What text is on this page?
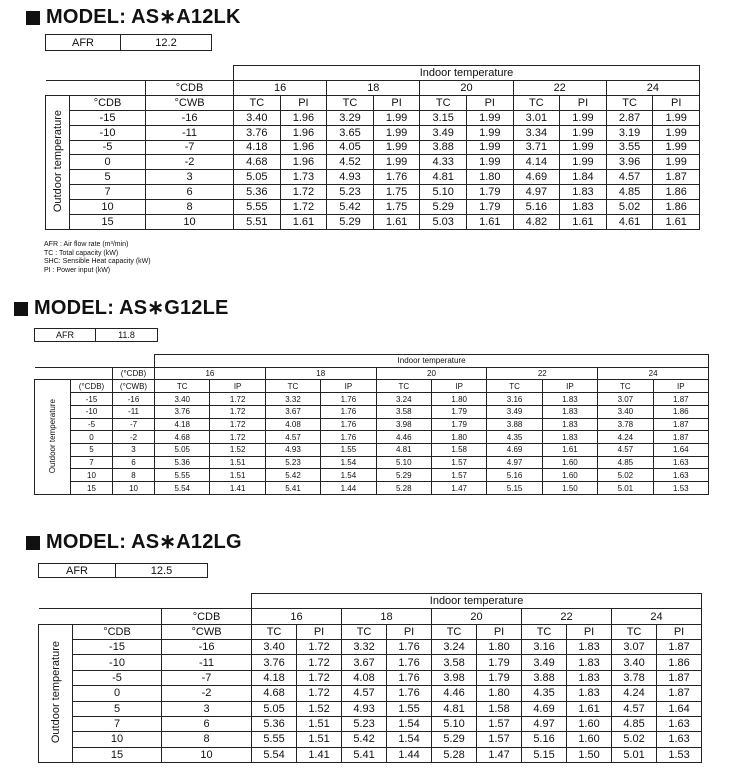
MODEL: AS∗A12LK
AFR	12.2
			Indoor temperature									
		°CDB	16		18		20		22		24	
Outdoor temperature	°CDB	°CWB	TC	PI	TC	PI	TC	PI	TC	PI	TC	PI
	-15	-16	3.40	1.96	3.29	1.99	3.15	1.99	3.01	1.99	2.87	1.99
	-10	-11	3.76	1.96	3.65	1.99	3.49	1.99	3.34	1.99	3.19	1.99
	-5	-7	4.18	1.96	4.05	1.99	3.88	1.99	3.71	1.99	3.55	1.99
	0	-2	4.68	1.96	4.52	1.99	4.33	1.99	4.14	1.99	3.96	1.99
	5	3	5.05	1.73	4.93	1.76	4.81	1.80	4.69	1.84	4.57	1.87
	7	6	5.36	1.72	5.23	1.75	5.10	1.79	4.97	1.83	4.85	1.86
	10	8	5.55	1.72	5.42	1.75	5.29	1.79	5.16	1.83	5.02	1.86
	15	10	5.51	1.61	5.29	1.61	5.03	1.61	4.82	1.61	4.61	1.61
AFR : Air flow rate (m³/min)
TC : Total capacity (kW)
SHC: Sensible Heat capacity (kW)
PI : Power input (kW)
MODEL: AS∗G12LE
AFR	11.8
			Indoor temperature									
		(°CDB)	16		18		20		22		24	
Outdoor temperature	(°CDB)	(°CWB)	TC	IP	TC	IP	TC	IP	TC	IP	TC	IP
	-15	-16	3.40	1.72	3.32	1.76	3.24	1.80	3.16	1.83	3.07	1.87
	-10	-11	3.76	1.72	3.67	1.76	3.58	1.79	3.49	1.83	3.40	1.86
	-5	-7	4.18	1.72	4.08	1.76	3.98	1.79	3.88	1.83	3.78	1.87
	0	-2	4.68	1.72	4.57	1.76	4.46	1.80	4.35	1.83	4.24	1.87
	5	3	5.05	1.52	4.93	1.55	4.81	1.58	4.69	1.61	4.57	1.64
	7	6	5.36	1.51	5.23	1.54	5.10	1.57	4.97	1.60	4.85	1.63
	10	8	5.55	1.51	5.42	1.54	5.29	1.57	5.16	1.60	5.02	1.63
	15	10	5.54	1.41	5.41	1.44	5.28	1.47	5.15	1.50	5.01	1.53
MODEL: AS∗A12LG
AFR	12.5
			Indoor temperature									
		°CDB	16		18		20		22		24	
Outdoor temperature	°CDB	°CWB	TC	PI	TC	PI	TC	PI	TC	PI	TC	PI
	-15	-16	3.40	1.72	3.32	1.76	3.24	1.80	3.16	1.83	3.07	1.87
	-10	-11	3.76	1.72	3.67	1.76	3.58	1.79	3.49	1.83	3.40	1.86
	-5	-7	4.18	1.72	4.08	1.76	3.98	1.79	3.88	1.83	3.78	1.87
	0	-2	4.68	1.72	4.57	1.76	4.46	1.80	4.35	1.83	4.24	1.87
	5	3	5.05	1.52	4.93	1.55	4.81	1.58	4.69	1.61	4.57	1.64
	7	6	5.36	1.51	5.23	1.54	5.10	1.57	4.97	1.60	4.85	1.63
	10	8	5.55	1.51	5.42	1.54	5.29	1.57	5.16	1.60	5.02	1.63
	15	10	5.54	1.41	5.41	1.44	5.28	1.47	5.15	1.50	5.01	1.53
